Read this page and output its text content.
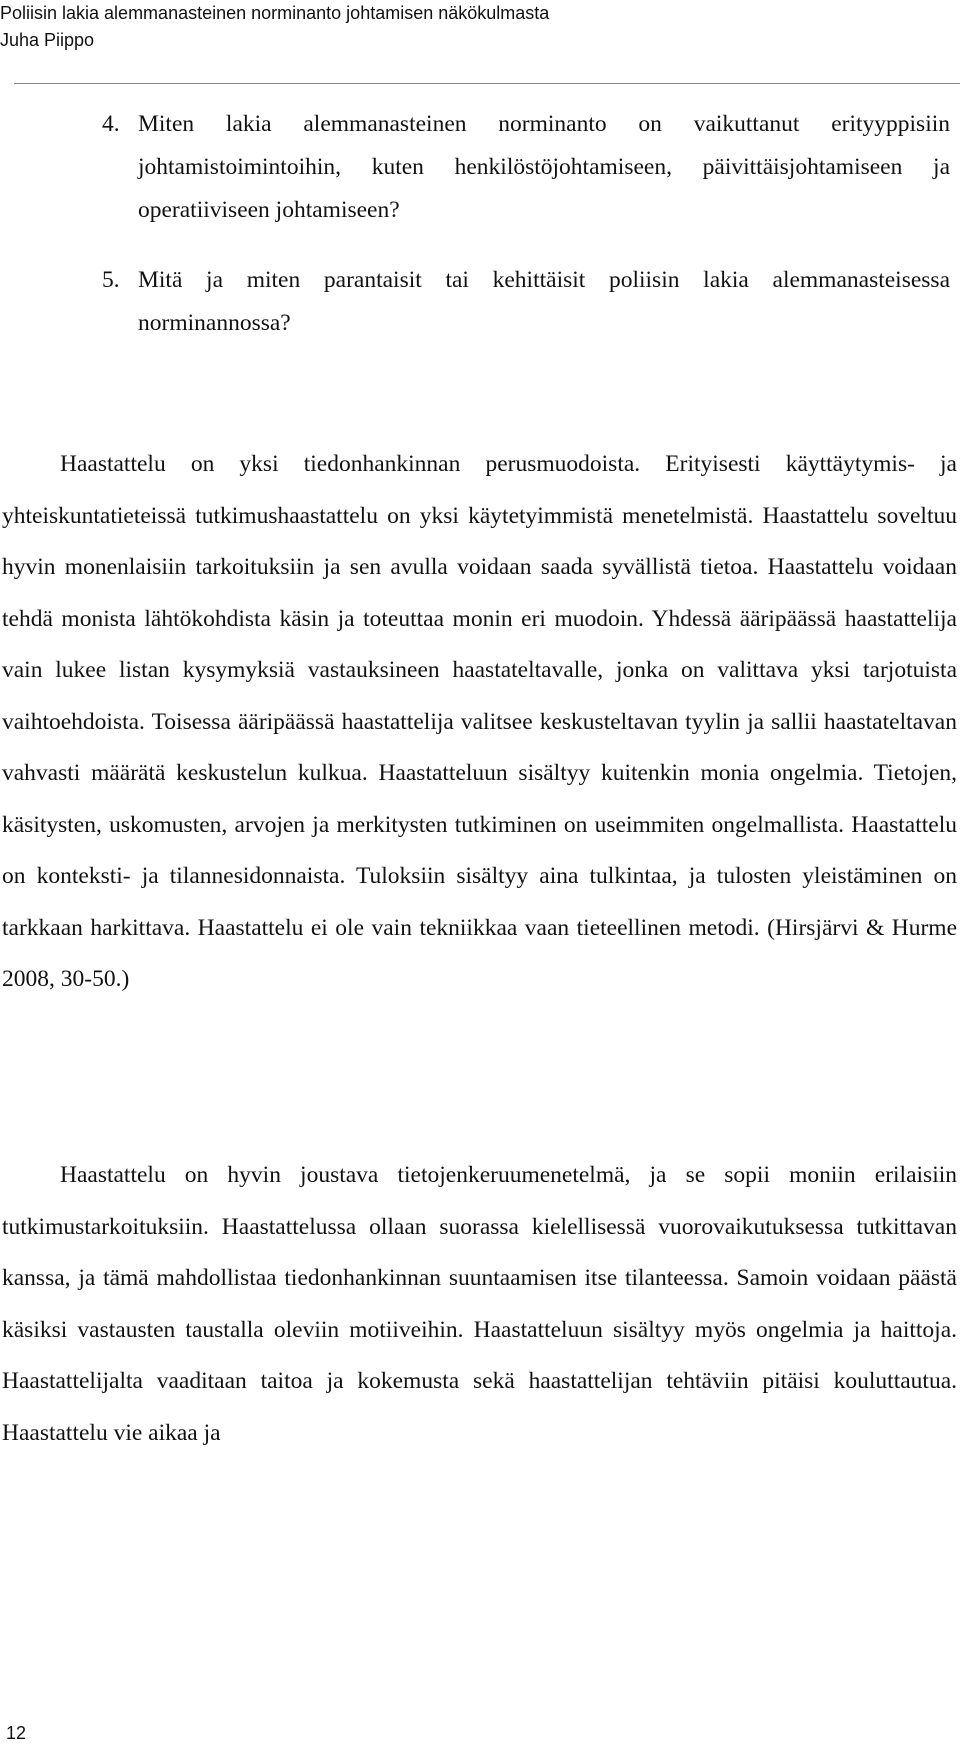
Poliisin lakia alemmanasteinen norminanto johtamisen näkökulmasta
Juha Piippo
4. Miten lakia alemmanasteinen norminanto on vaikuttanut erityyppisiin johtamistoimintoihin, kuten henkilöstöjohtamiseen, päivittäisjohtamiseen ja operatiiviseen johtamiseen?
5. Mitä ja miten parantaisit tai kehittäisit poliisin lakia alemmanasteisessa norminannossa?

Haastattelu on yksi tiedonhankinnan perusmuodoista. Erityisesti käyttäytymis- ja yhteiskuntatieteissä tutkimushaastattelu on yksi käytetyimmistä menetelmistä. Haastattelu soveltuu hyvin monenlaisiin tarkoituksiin ja sen avulla voidaan saada syvällistä tietoa. Haastattelu voidaan tehdä monista lähtökohdista käsin ja toteuttaa monin eri muodoin. Yhdessä ääripäässä haastattelija vain lukee listan kysymyksiä vastauksineen haastateltavalle, jonka on valittava yksi tarjotuista vaihtoehdoista. Toisessa ääripäässä haastattelija valitsee keskusteltavan tyylin ja sallii haastateltavan vahvasti määrätä keskustelun kulkua. Haastatteluun sisältyy kuitenkin monia ongelmia. Tietojen, käsitysten, uskomusten, arvojen ja merkitysten tutkiminen on useimmiten ongelmallista. Haastattelu on konteksti- ja tilannesidonnaista. Tuloksiin sisältyy aina tulkintaa, ja tulosten yleistäminen on tarkkaan harkittava. Haastattelu ei ole vain tekniikkaa vaan tieteellinen metodi. (Hirsjärvi & Hurme 2008, 30-50.)

Haastattelu on hyvin joustava tietojenkeruumenetelmä, ja se sopii moniin erilaisiin tutkimustarkoituksiin. Haastattelussa ollaan suorassa kielellisessä vuorovaikutuksessa tutkittavan kanssa, ja tämä mahdollistaa tiedonhankinnan suuntaamisen itse tilanteessa. Samoin voidaan päästä käsiksi vastausten taustalla oleviin motiiveihin. Haastatteluun sisältyy myös ongelmia ja haittoja. Haastattelijalta vaaditaan taitoa ja kokemusta sekä haastattelijan tehtäviin pitäisi kouluttautua. Haastattelu vie aikaa ja

12
